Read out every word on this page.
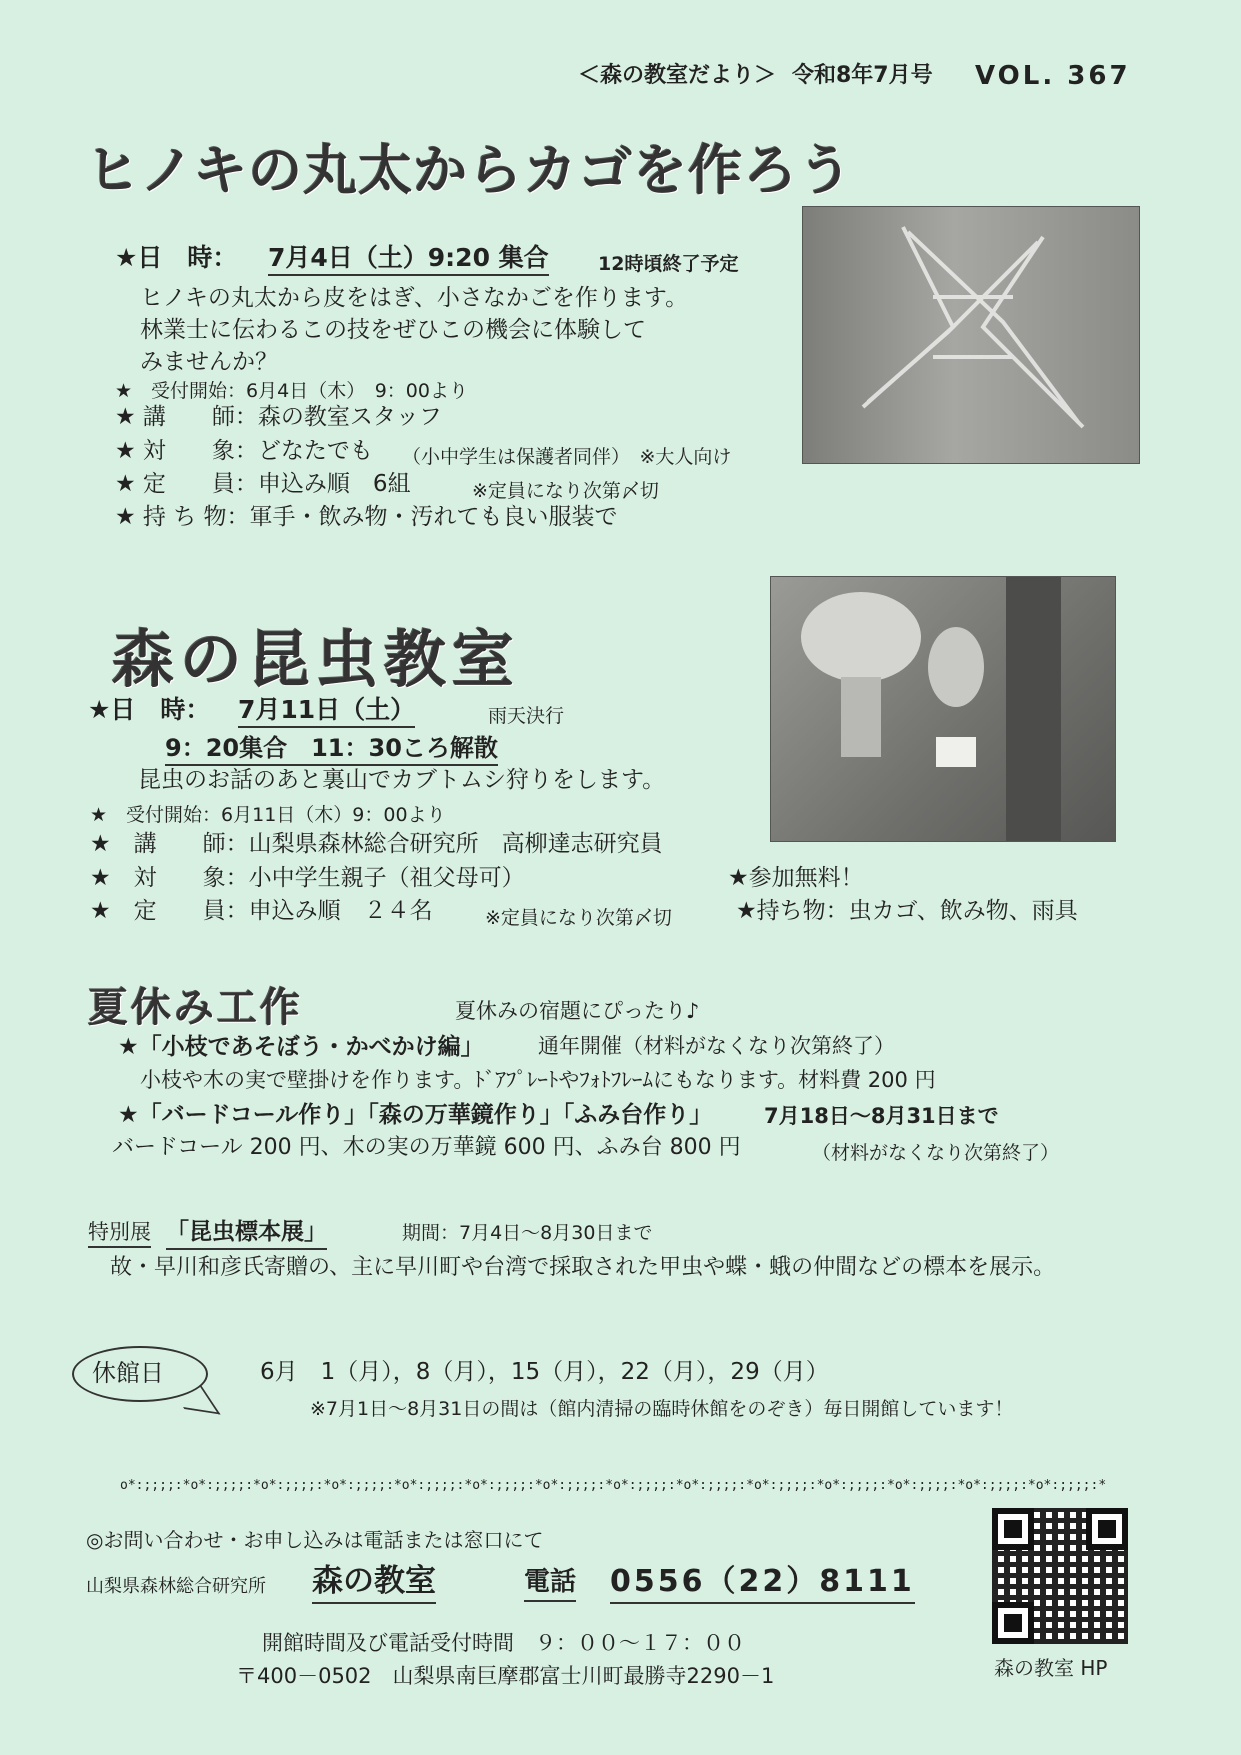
＜森の教室だより＞ 令和8年7月号 VOL. 367
ヒノキの丸太からカゴを作ろう
★日　時： 7月4日（土）9:20 集合	12時頃終了予定
ヒノキの丸太から皮をはぎ、小さなかごを作ります。
林業士に伝わるこの技をぜひこの機会に体験して
みませんか？
★　受付開始：6月4日（木）　9：00より
★ 講　　師：森の教室スタッフ
★ 対　　象：どなたでも （小中学生は保護者同伴）　※大人向け
★ 定　　員：申込み順　6組	※定員になり次第〆切
★ 持 ち 物：軍手・飲み物・汚れても良い服装で
森の昆虫教室
★日　時： 7月11日（土）	雨天決行
9：20集合　11：30ころ解散
昆虫のお話のあと裏山でカブトムシ狩りをします。
★　受付開始：6月11日（木）9：00より
★　講　　師：山梨県森林総合研究所　高柳達志研究員
★　対　　象：小中学生親子（祖父母可）	★参加無料！
★　定　　員：申込み順　２４名	※定員になり次第〆切	★持ち物：虫カゴ、飲み物、雨具
夏休み工作	夏休みの宿題にぴったり♪
★「小枝であそぼう・かべかけ編」	通年開催（材料がなくなり次第終了）
小枝や木の実で壁掛けを作ります。ﾄﾞｱﾌﾟﾚｰﾄやﾌｫﾄﾌﾚｰﾑにもなります。材料費 200 円
★「バードコール作り」「森の万華鏡作り」「ふみ台作り」 7月18日～8月31日まで
バードコール 200 円、木の実の万華鏡 600 円、ふみ台 800 円	（材料がなくなり次第終了）
特別展 「昆虫標本展」	期間：7月4日～8月30日まで
故・早川和彦氏寄贈の、主に早川町や台湾で採取された甲虫や蝶・蛾の仲間などの標本を展示。
休館日	6月　1（月），8（月），15（月），22（月），29（月）
※7月1日～8月31日の間は（館内清掃の臨時休館をのぞき）毎日開館しています！
o*:;;;;:*o*:;;;;:*o*:;;;;:*o*:;;;;:*o*:;;;;:*o*:;;;;:*o*:;;;;:*o*:;;;;:*o*:;;;;:*o*:;;;;:*o*:;;;;:*o*:;;;;:*o*:;;;;:*o*:;;;;:*
◎お問い合わせ・お申し込みは電話または窓口にて
山梨県森林総合研究所 森の教室	電話 0556（22）8111
開館時間及び電話受付時間　９：００～１７：００
〒400－0502　山梨県南巨摩郡富士川町最勝寺2290－1	森の教室 HP
